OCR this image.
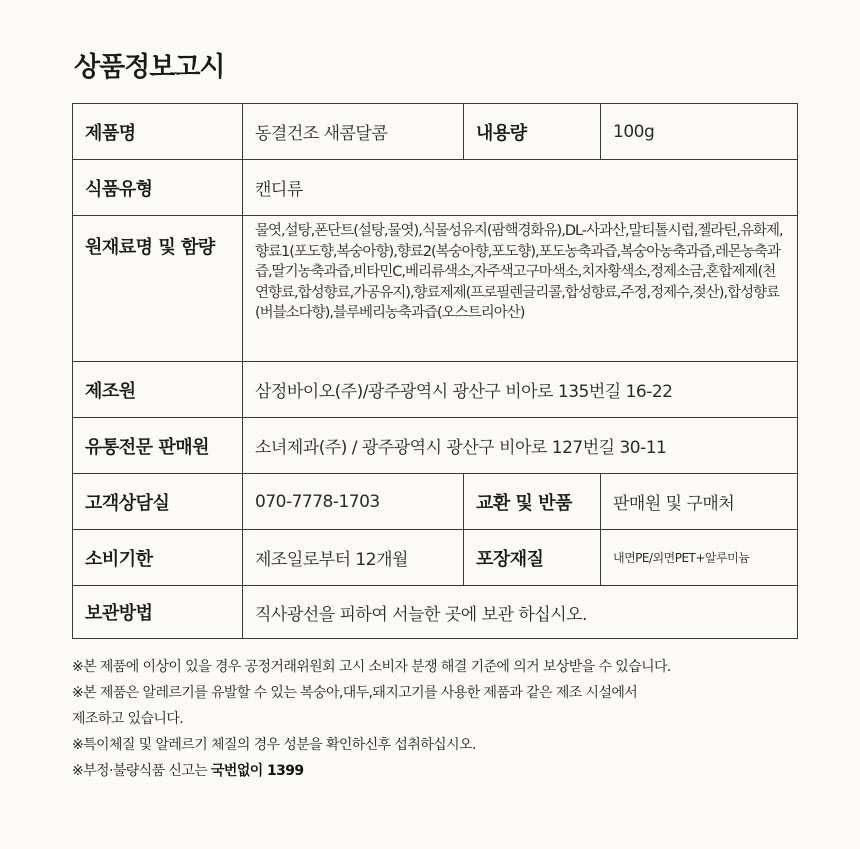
상품정보고시
제품명	동결건조 새콤달콤	내용량	100g
식품유형	캔디류		
원재료명 및 함량	물엿,설탕,폰단트(설탕,물엿),식물성유지(팜핵경화유),DL-사과산,말티톨시럽,젤라틴,유화제,향료1(포도향,복숭아향),향료2(복숭아향,포도향),포도농축과즙,복숭아농축과즙,레몬농축과즙,딸기농축과즙,비타민C,베리류색소,자주색고구마색소,치자황색소,정제소금,혼합제제(천연향료,합성향료,가공유지),향료제제(프로필렌글리콜,합성향료,주정,정제수,젖산),합성향료(버블소다향),블루베리농축과즙(오스트리아산)		
제조원	삼정바이오(주)/광주광역시 광산구 비아로 135번길 16-22		
유통전문 판매원	소녀제과(주) / 광주광역시 광산구 비아로 127번길 30-11		
고객상담실	070-7778-1703	교환 및 반품	판매원 및 구매처
소비기한	제조일로부터 12개월	포장재질	내면PE/외면PET+알루미늄
보관방법	직사광선을 피하여 서늘한 곳에 보관 하십시오.		

※본 제품에 이상이 있을 경우 공정거래위원회 고시 소비자 분쟁 해결 기준에 의거 보상받을 수 있습니다.

※본 제품은 알레르기를 유발할 수 있는 복숭아,대두,돼지고기를 사용한 제품과 같은 제조 시설에서

제조하고 있습니다.

※특이체질 및 알레르기 체질의 경우 성분을 확인하신후 섭취하십시오.

※부정·불량식품 신고는 국번없이 1399
